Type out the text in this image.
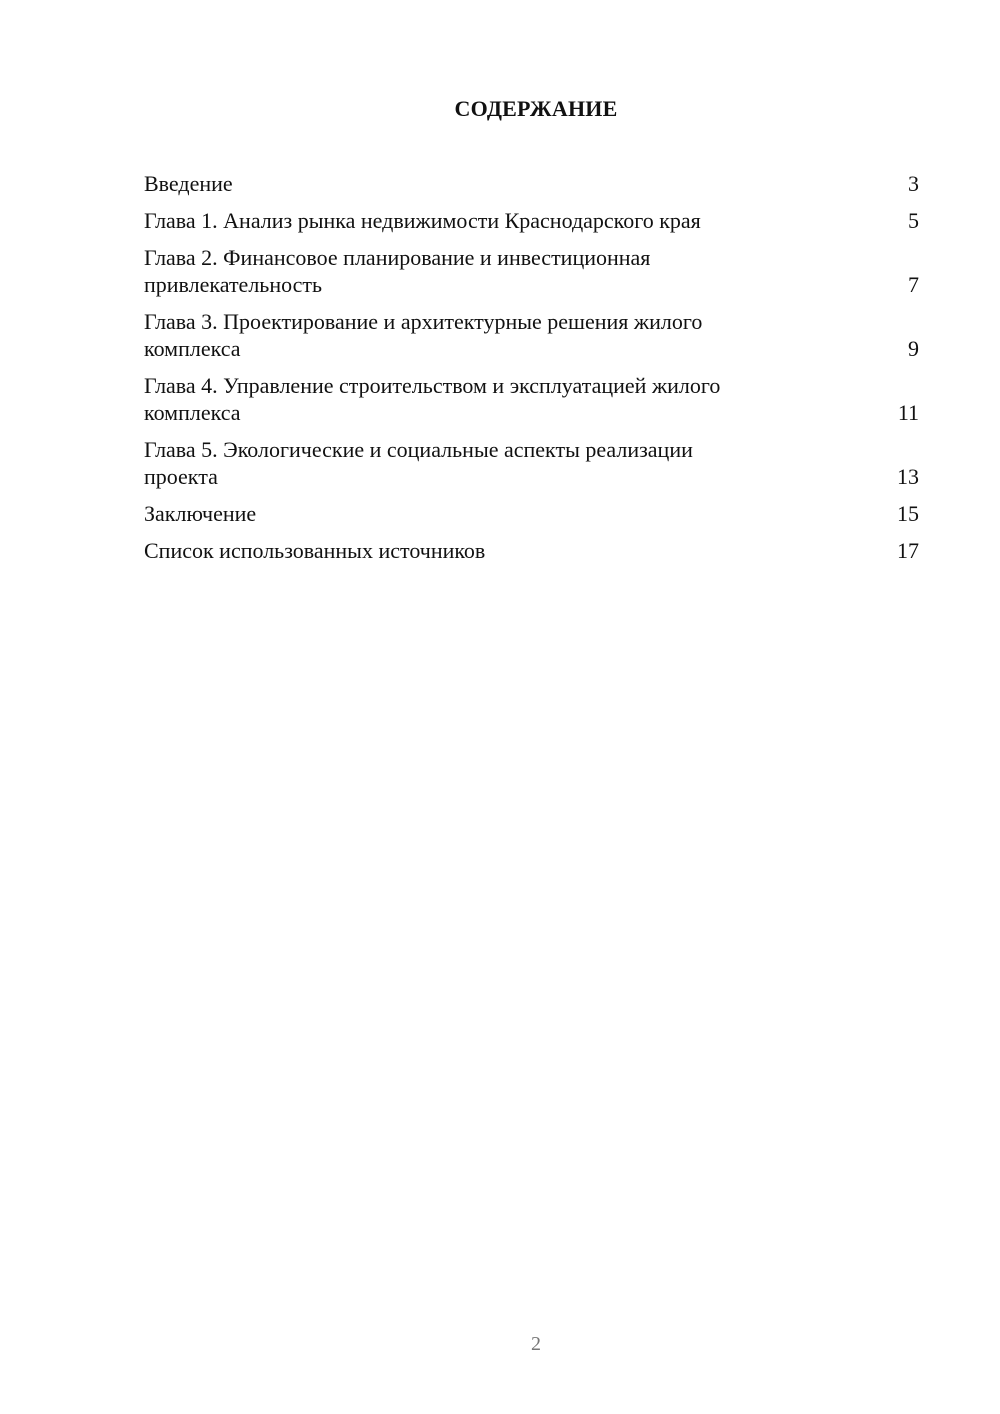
СОДЕРЖАНИЕ
Введение	3
Глава 1. Анализ рынка недвижимости Краснодарского края	5
Глава 2. Финансовое планирование и инвестиционная
привлекательность	7
Глава 3. Проектирование и архитектурные решения жилого
комплекса	9
Глава 4. Управление строительством и эксплуатацией жилого
комплекса	11
Глава 5. Экологические и социальные аспекты реализации
проекта	13
Заключение	15
Список использованных источников	17
2
